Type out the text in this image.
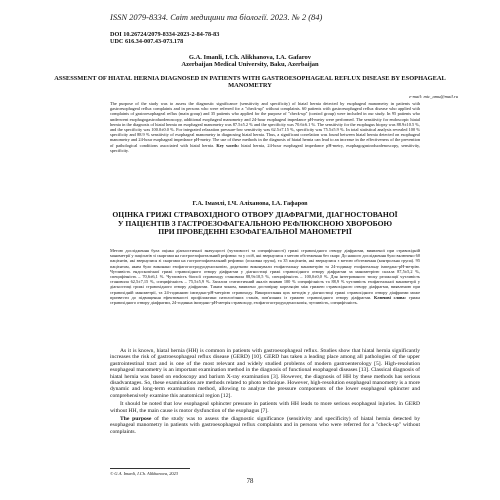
ISSN 2079-8334. Світ медицини та біології. 2023. № 2 (84)
DOI 10.26724/2079-8334-2023-2-84-78-83
UDC 616.34-007.43-073.178
G.A. Imanli, I.Ch. Alikhanova, I.A. Gafarov
Azerbaijan Medical University, Baku, Azerbaijan
ASSESSMENT OF HIATAL HERNIA DIAGNOSED IN PATIENTS WITH GASTROESOPHAGEAL REFLUX DISEASE BY ESOPHAGEAL MANOMETRY
e-mail: mic_amu@mail.ru
The purpose of the study was to assess the diagnostic significance (sensitivity and specificity) of hiatal hernia detected by esophageal manometry in patients with gastroesophageal reflux complaints and in persons who were referred for a "check-up" without complaints. 60 patients with gastroesophageal reflux disease who applied with complaints of gastroesophageal reflux (main group) and 35 patients who applied for the purpose of "check-up" (control group) were included in our study. In 95 patients who underwent esophagogastroduodenoscopy, additional esophageal manometry and 24-hour esophageal impedance pH-metry were performed. The sensitivity for endoscopic hiatal hernia in the diagnosis of hiatal hernia on esophageal manometry was 87.5±5.2 % and the specificity was 70.6±6.1 %. The sensitivity for the esophagus biopsy was 88.9±10.5 %, and the specificity was 100.0±0.0 %. For integrated relaxation pressure-low sensitivity was 62.5±7.15 %, specificity was 75.5±5.9 %. In total statistical analysis revealed 100 % specificity and 88.9 % sensitivity of esophageal manometry in diagnosing hiatal hernia. Thus, a significant correlation was found between hiatal hernia detected on esophageal manometry and 24-hour esophageal impedance pH-metry. The use of these methods in the diagnosis of hiatal hernia can lead to an increase in the effectiveness of the prevention of pathological conditions associated with hiatal hernia. Key words: hiatal hernia, 24-hour esophageal impedance pH-metry, esophagogastroduodenoscopy, sensitivity, specificity.
Г.А. Імамлі, І.Ч. Аліханова, І.А. Гафаров
ОЦІНКА ГРИЖІ СТРАВОХІДНОГО ОТВОРУ ДІАФРАГМИ, ДІАГНОСТОВАНОЇ У ПАЦІЄНТІВ З ГАСТРОЕЗОФАГЕАЛЬНОЮ РЕФЛЮКСНОЮ ХВОРОБОЮ ПРИ ПРОВЕДЕННІ ЕЗОФАГЕАЛЬНОЇ МАНОМЕТРІЇ
Метою дослідження була оцінка діагностичної значущості (чутливості та специфічності) грижі стравохідного отвору діафрагми, виявленої при стравохідній манометрії у пацієнтів зі скаргами на гастроезофагеальний рефлюкс та у осіб, які звернулися з метою обстеження без скарг. До нашого дослідження було включено 60 пацієнтів, які звернулися зі скаргами на гастроезофагеальний рефлюкс (основна група), та 35 пацієнтів, які звернулися з метою обстеження (контрольна група). 95 пацієнтам, яким було виконано езофагогастродуоденоскопію, додатково виконували езофагеальну манометрію та 24-годинну езофагеальну імпеданс-рН-метрію. Чутливість ендоскопічної грижі стравохідного отвору діафрагми у діагностиці грижі стравохідного отвору діафрагми за манометрією склала 87,5±5,2 %, специфічність – 70,6±6,1 %. Чутливість біопсії стравоходу становила 88,9±10,5 %, специфічність – 100,0±0,0 %. Для інтегрованого тиску релаксації чутливість становила 62,5±7,15 %, специфічність – 75,5±5,9 %. Загалом статистичний аналіз виявив 100 % специфічність та 88,9 % чутливість езофагеальної манометрії у діагностиці грижі стравохідного отвору діафрагми. Таким чином, виявлено достовірну кореляцію між грижею стравохідного отвору діафрагми, виявленою при стравохідній манометрії, та 24-годинною імпеданс-рН-метрією стравоходу. Використання цих методів у діагностиці грижі стравохідного отвору діафрагми може призвести до підвищення ефективності профілактики патологічних станів, пов'язаних із грижею стравохідного отвору діафрагми. Ключові слова: грижа стравохідного отвору діафрагми, 24-годинна імпеданс-рН-метрія стравоходу, езофагогастродуоденоскопія, чутливість, специфічність.

As it is known, hiatal hernia (HH) is common in patients with gastroesophageal reflux. Studies show that hiatal hernia significantly increases the risk of gastroesophageal reflux disease (GERD) [10]. GERD has taken a leading place among all pathologies of the upper gastrointestinal tract and is one of the most relevant and widely studied problems of modern gastroenterology [5]. High-resolution esophageal manometry is an important examination method in the diagnosis of functional esophageal diseases [13]. Classical diagnosis of hiatal hernia was based on endoscopy and barium X-ray examination [3]. However, the diagnosis of HH by these methods has serious disadvantages. So, these examinations are methods related to photo technique. However, high-resolution esophageal manometry is a more dynamic and long-term examination method, allowing to analyze the pressure components of the lower esophageal sphincter and comprehensively examine this anatomical region [12].

It should be noted that low esophageal sphincter pressure in patients with HH leads to more serious esophageal injuries. In GERD without HH, the main cause is motor dysfunction of the esophagus [7].

The purpose of the study was to assess the diagnostic significance (sensitivity and specificity) of hiatal hernia detected by esophageal manometry in patients with gastroesophageal reflux complaints and in persons who were referred for a "check-up" without complaints.

© G.A. Imanli, I.Ch. Alikhanova, 2023
78
